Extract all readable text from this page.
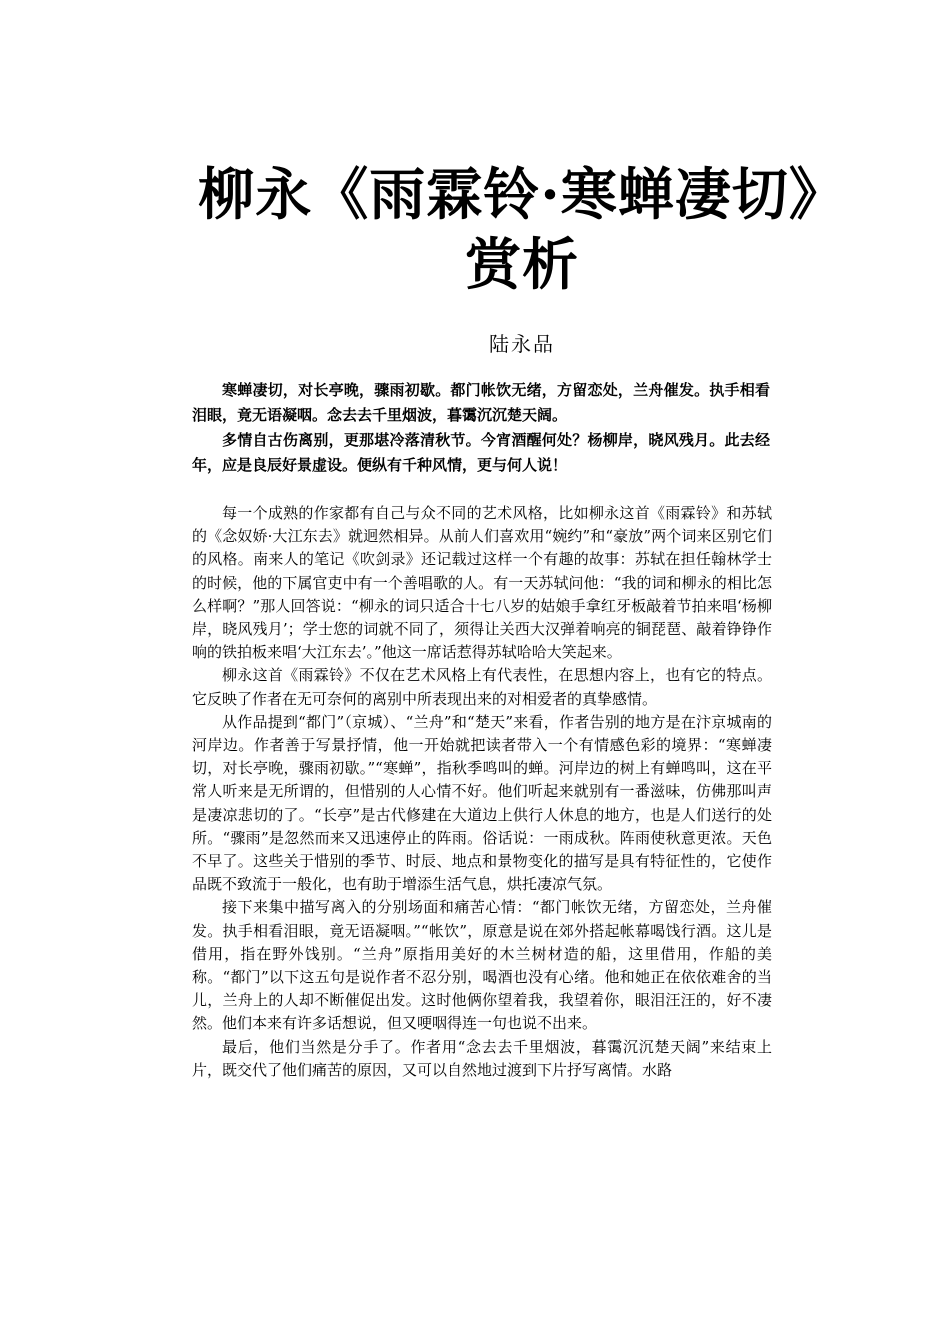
柳永《雨霖铃·寒蝉凄切》赏析
陆永品

寒蝉凄切，对长亭晚，骤雨初歇。都门帐饮无绪，方留恋处，兰舟催发。执手相看泪眼，竟无语凝咽。念去去千里烟波，暮霭沉沉楚天阔。

多情自古伤离别，更那堪冷落清秋节。今宵酒醒何处？杨柳岸，晓风残月。此去经年，应是良辰好景虚设。便纵有千种风情，更与何人说！

每一个成熟的作家都有自己与众不同的艺术风格，比如柳永这首《雨霖铃》和苏轼的《念奴娇·大江东去》就迥然相异。从前人们喜欢用“婉约”和“豪放”两个词来区别它们的风格。南来人的笔记《吹剑录》还记载过这样一个有趣的故事：苏轼在担任翰林学士的时候，他的下属官吏中有一个善唱歌的人。有一天苏轼问他：“我的词和柳永的相比怎么样啊？”那人回答说：“柳永的词只适合十七八岁的姑娘手拿红牙板敲着节拍来唱‘杨柳岸，晓风残月’；学士您的词就不同了，须得让关西大汉弹着响亮的铜琵琶、敲着铮铮作响的铁拍板来唱‘大江东去’。”他这一席话惹得苏轼哈哈大笑起来。

柳永这首《雨霖铃》不仅在艺术风格上有代表性，在思想内容上，也有它的特点。它反映了作者在无可奈何的离别中所表现出来的对相爱者的真挚感情。

从作品提到“都门”（京城）、“兰舟”和“楚天”来看，作者告别的地方是在汴京城南的河岸边。作者善于写景抒情，他一开始就把读者带入一个有情感色彩的境界：“寒蝉凄切，对长亭晚，骤雨初歇。”“寒蝉”，指秋季鸣叫的蝉。河岸边的树上有蝉鸣叫，这在平常人听来是无所谓的，但惜别的人心情不好。他们听起来就别有一番滋味，仿佛那叫声是凄凉悲切的了。“长亭”是古代修建在大道边上供行人休息的地方，也是人们送行的处所。“骤雨”是忽然而来又迅速停止的阵雨。俗话说：一雨成秋。阵雨使秋意更浓。天色不早了。这些关于惜别的季节、时辰、地点和景物变化的描写是具有特征性的，它使作品既不致流于一般化，也有助于增添生活气息，烘托凄凉气氛。

接下来集中描写离入的分别场面和痛苦心情：“都门帐饮无绪，方留恋处，兰舟催发。执手相看泪眼，竟无语凝咽。”“帐饮”，原意是说在郊外搭起帐幕喝饯行酒。这儿是借用，指在野外饯别。“兰舟”原指用美好的木兰树材造的船，这里借用，作船的美称。“都门”以下这五句是说作者不忍分别，喝酒也没有心绪。他和她正在依依难舍的当儿，兰舟上的人却不断催促出发。这时他俩你望着我，我望着你，眼泪汪汪的，好不凄然。他们本来有许多话想说，但又哽咽得连一句也说不出来。

最后，他们当然是分手了。作者用“念去去千里烟波，暮霭沉沉楚天阔”来结束上片，既交代了他们痛苦的原因，又可以自然地过渡到下片抒写离情。水路
